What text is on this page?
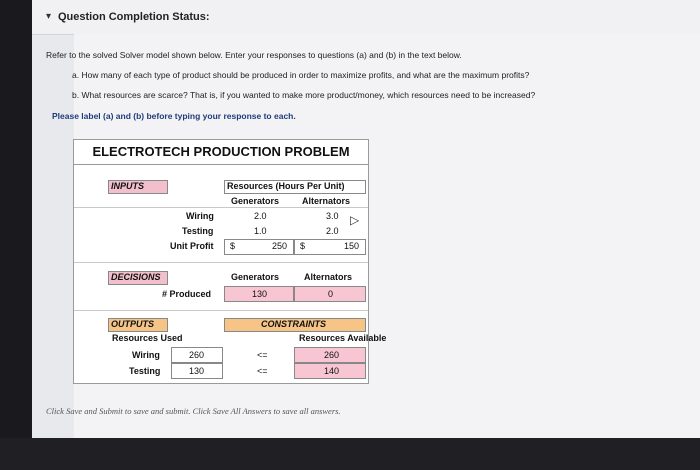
▾ Question Completion Status:
Refer to the solved Solver model shown below. Enter your responses to questions (a) and (b) in the text below.
a. How many of each type of product should be produced in order to maximize profits, and what are the maximum profits?
b. What resources are scarce? That is, if you wanted to make more product/money, which resources need to be increased?
Please label (a) and (b) before typing your response to each.
ELECTROTECH PRODUCTION PROBLEM
INPUTS	Resources (Hours Per Unit)
Generators	Alternators
Wiring	2.0	3.0
Testing	1.0	2.0
Unit Profit $	250 $	150
DECISIONS	Generators	Alternators
# Produced	130	0
OUTPUTS	CONSTRAINTS
Resources Used	Resources Available
Wiring	260	<=	260
Testing	130	<=	140
▷
Click Save and Submit to save and submit. Click Save All Answers to save all answers.
